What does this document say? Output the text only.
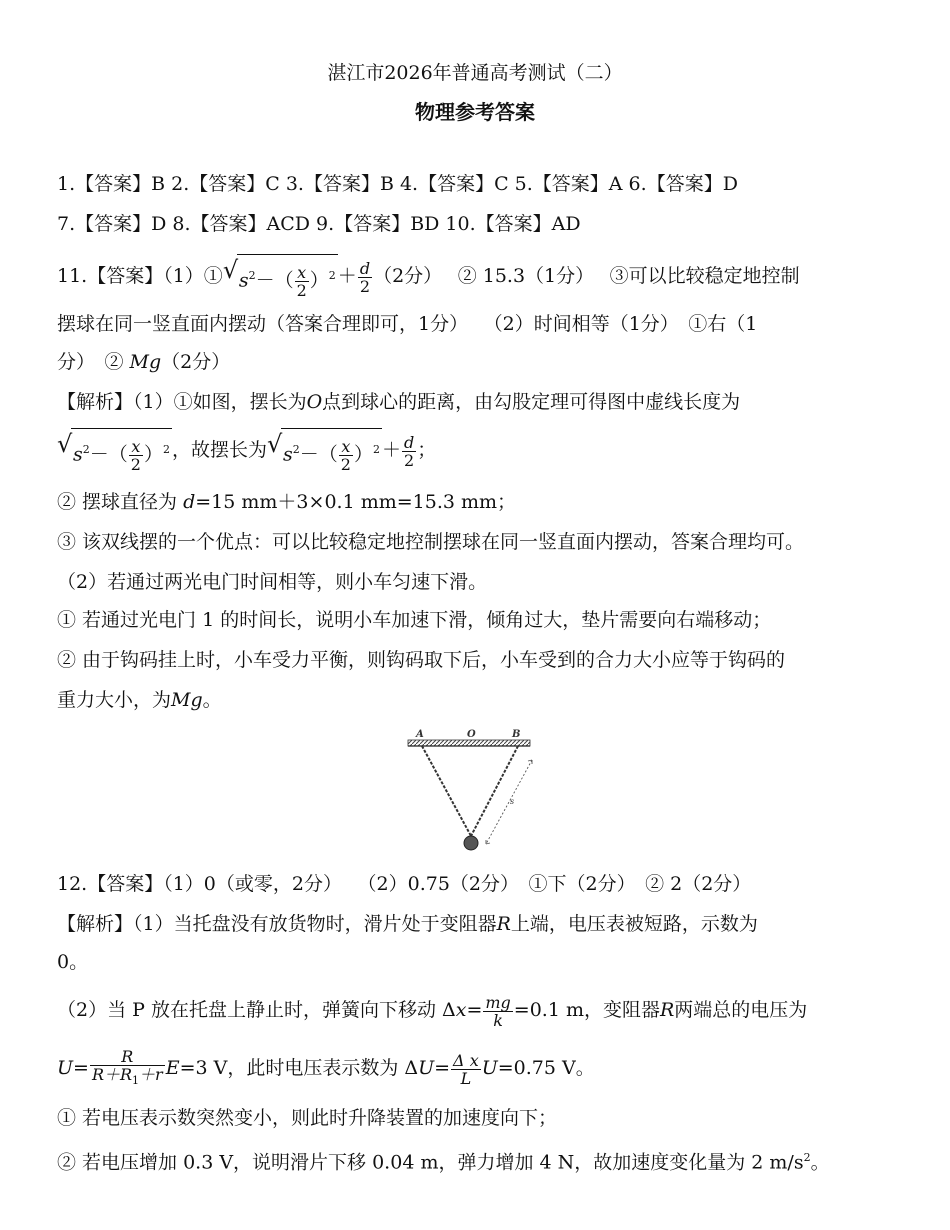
湛江市2026年普通高考测试（二）
物理参考答案
1.【答案】B 2.【答案】C 3.【答案】B 4.【答案】C 5.【答案】A 6.【答案】D
7.【答案】D 8.【答案】ACD 9.【答案】BD 10.【答案】AD
11.【答案】（1）① √ $s^2-( \frac{x}{2} )^2 + \frac{d}{2} (2$分）　 ② 15.3（1分）　 ③可以比较稳定地控制
摆球在同一竖直面内摆动（答案合理即可，1分）　 （2）时间相等（1分）　①右（1
分）　② Mg（2分）
【解析】（1）①如图，摆长为O点到球心的距离，由勾股定理可得图中虚线长度为
√ $s^2-( \frac{x}{2} )^2$ ，故摆长为 √ $s^2-( \frac{x}{2} )^2 + \frac{d}{2}$ ；
② 摆球直径为 d=15 mm＋3×0.1 mm=15.3 mm；
③ 该双线摆的一个优点：可以比较稳定地控制摆球在同一竖直面内摆动，答案合理均可。
（2）若通过两光电门时间相等，则小车匀速下滑。
① 若通过光电门 1 的时间长，说明小车加速下滑，倾角过大，垫片需要向右端移动；
② 由于钩码挂上时，小车受力平衡，则钩码取下后，小车受到的合力大小应等于钩码的
重力大小，为Mg。
A	O	B
s
12.【答案】（1）0（或零，2分）　 （2）0.75（2分）　①下（2分）　② 2（2分）
【解析】（1）当托盘没有放货物时，滑片处于变阻器R上端，电压表被短路，示数为
0。
（2）当 P 放在托盘上静止时，弹簧向下移动 $\Delta x= \frac{mg}{k} =0.1$ m，变阻器R两端总的电压为
$U= \frac{R}{R+R_1+r} E=3$ V，此时电压表示数为 $\Delta U= \frac{\text{Δ x}}{L} U=0.75$ V。
① 若电压表示数突然变小，则此时升降装置的加速度向下；
② 若电压增加 0.3 V，说明滑片下移 0.04 m，弹力增加 4 N，故加速度变化量为 2 $m/s^2$。
